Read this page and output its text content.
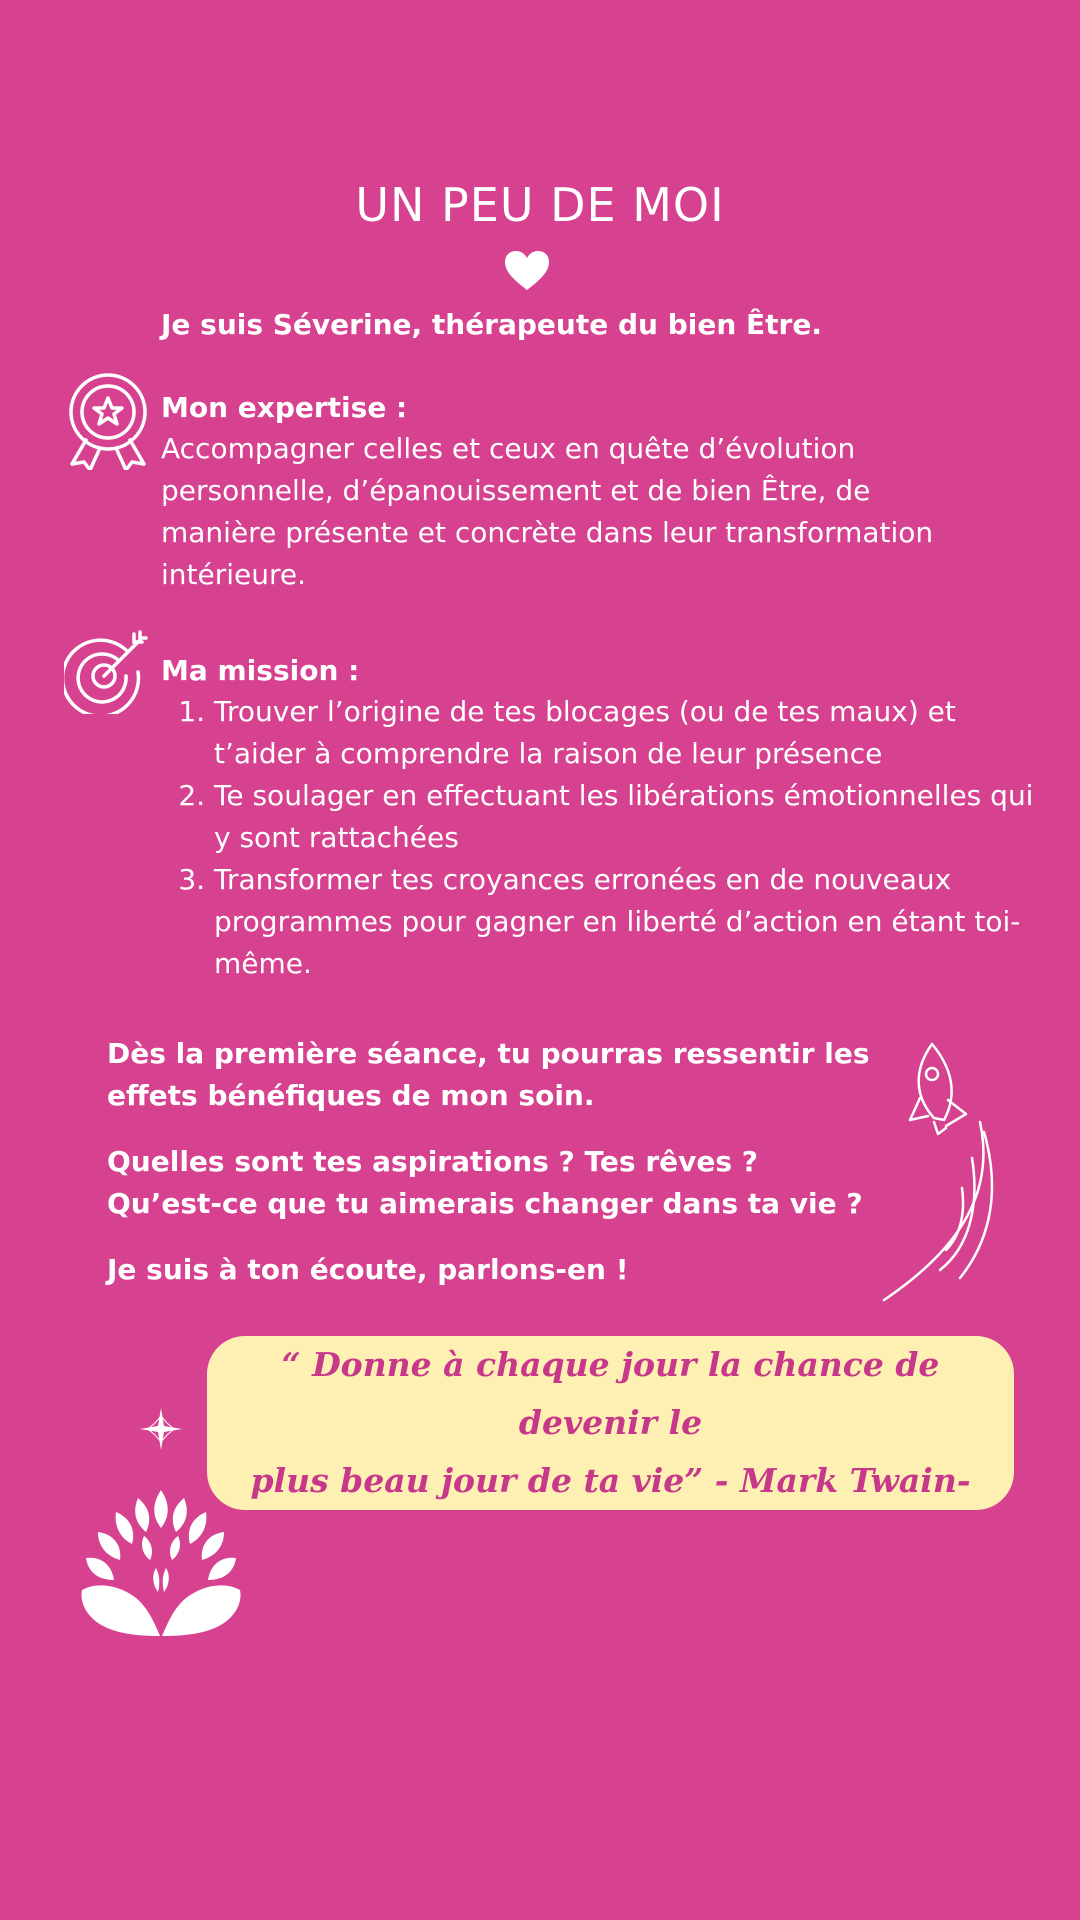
UN PEU DE MOI
Je suis Séverine, thérapeute du bien Être.
Mon expertise :
Accompagner celles et ceux en quête d’évolution
personnelle, d’épanouissement et de bien Être, de
manière présente et concrète dans leur transformation
intérieure.
Ma mission :
1. Trouver l’origine de tes blocages (ou de tes maux) et t’aider à comprendre la raison de leur présence
2. Te soulager en effectuant les libérations émotionnelles qui y sont rattachées
3. Transformer tes croyances erronées en de nouveaux programmes pour gagner en liberté d’action en étant toi-même.

Dès la première séance, tu pourras ressentir les
effets bénéfiques de mon soin.

Quelles sont tes aspirations ? Tes rêves ?
Qu’est-ce que tu aimerais changer dans ta vie ?

Je suis à ton écoute, parlons-en !

“ Donne à chaque jour la chance de devenir le
plus beau jour de ta vie” - Mark Twain-
